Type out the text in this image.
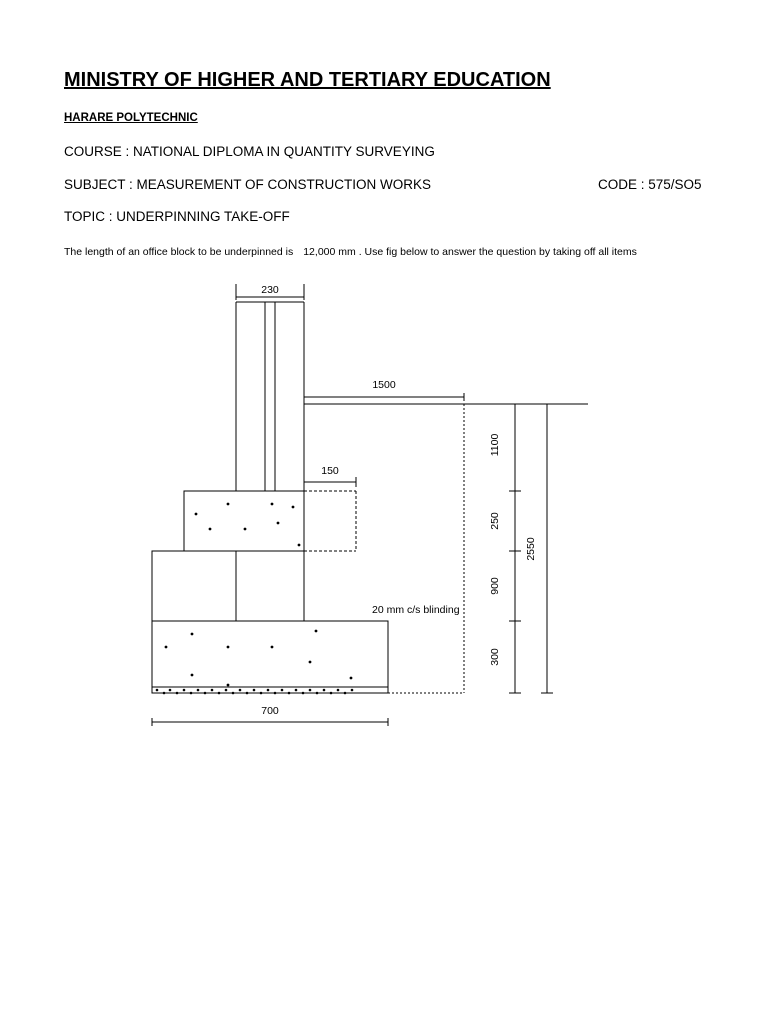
MINISTRY OF HIGHER AND TERTIARY EDUCATION
HARARE POLYTECHNIC
COURSE : NATIONAL DIPLOMA IN QUANTITY SURVEYING
SUBJECT : MEASUREMENT OF CONSTRUCTION WORKS	CODE : 575/SO5
TOPIC : UNDERPINNING TAKE-OFF
The length of an office block to be underpinned is 12,000 mm . Use fig below to answer the question by taking off all items
230
1500
150
700
20 mm c/s blinding
1100
250
900
300
2550
